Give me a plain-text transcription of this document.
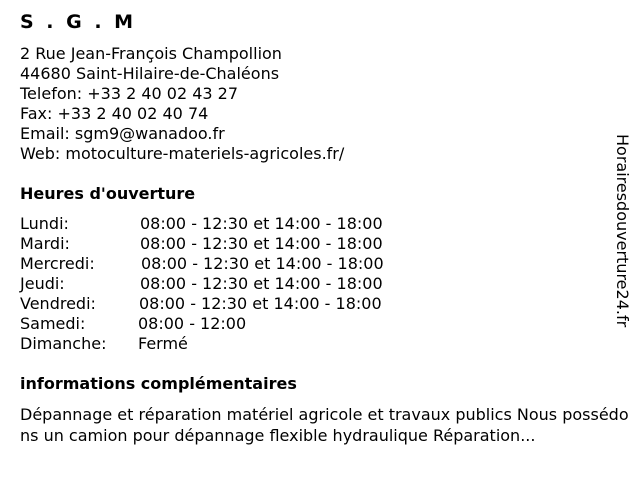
S . G . M
2 Rue Jean-François Champollion
44680 Saint-Hilaire-de-Chaléons
Telefon: +33 2 40 02 43 27
Fax: +33 2 40 02 40 74
Email: sgm9@wanadoo.fr
Web: motoculture-materiels-agricoles.fr/
Heures d'ouverture
Lundi:	08:00 - 12:30 et 14:00 - 18:00
Mardi:	08:00 - 12:30 et 14:00 - 18:00
Mercredi:	08:00 - 12:30 et 14:00 - 18:00
Jeudi:	08:00 - 12:30 et 14:00 - 18:00
Vendredi:	08:00 - 12:30 et 14:00 - 18:00
Samedi:	08:00 - 12:00
Dimanche: Fermé
informations complémentaires
Dépannage et réparation matériel agricole et travaux publics Nous possédons un camion pour dépannage flexible hydraulique Réparation...
Horairesdouverture24.fr
